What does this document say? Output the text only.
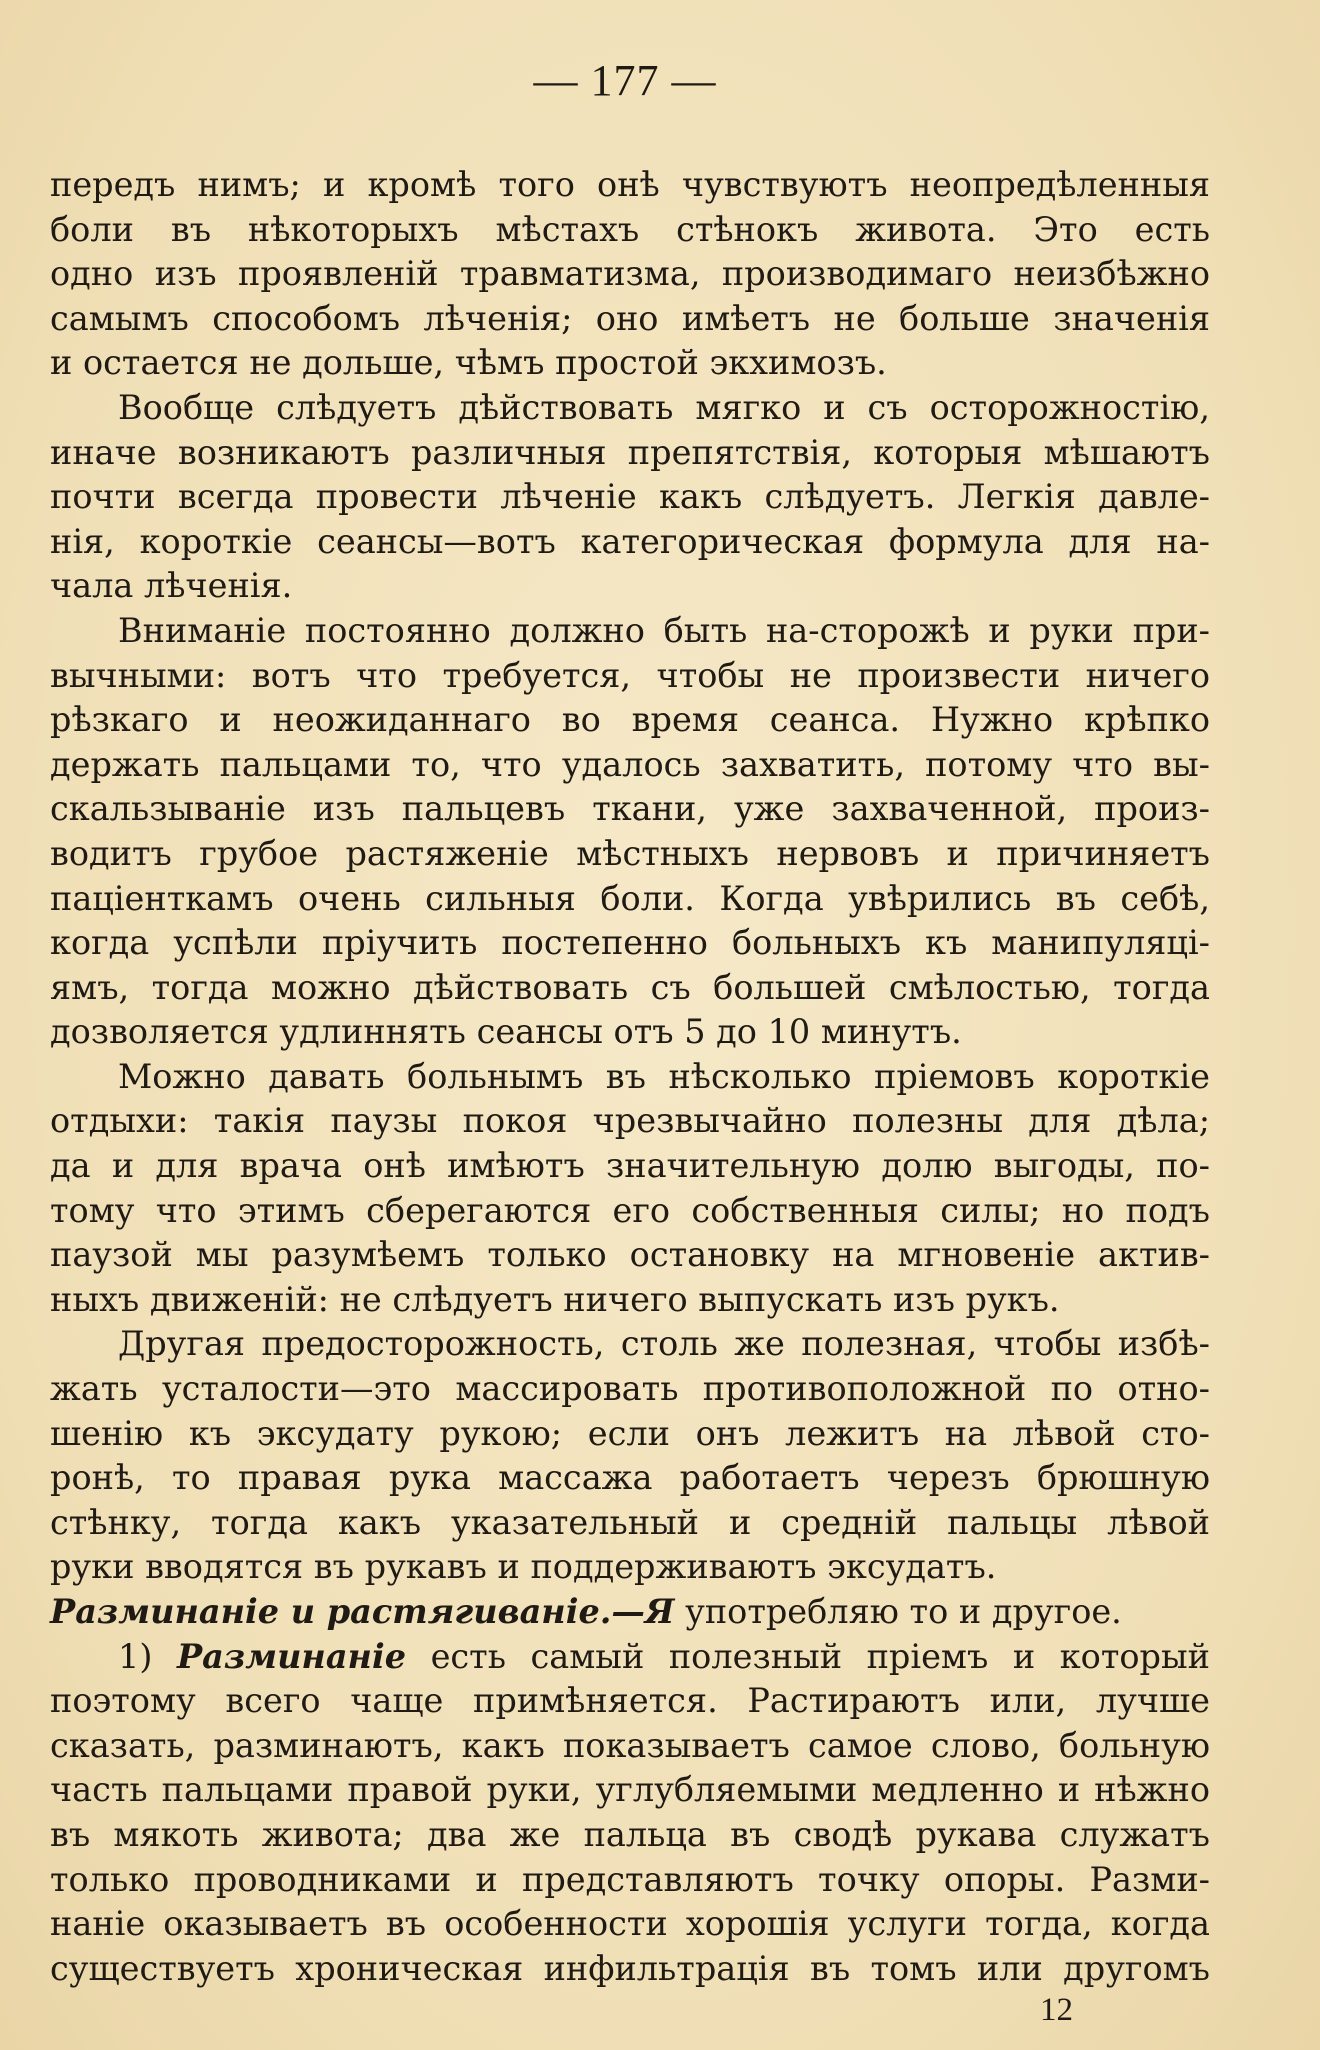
— 177 —
передъ нимъ; и кромѣ того онѣ чувствуютъ неопредѣленныя
боли въ нѣкоторыхъ мѣстахъ стѣнокъ живота. Это есть
одно изъ проявленій травматизма, производимаго неизбѣжно
самымъ способомъ лѣченія; оно имѣетъ не больше значенія
и остается не дольше, чѣмъ простой экхимозъ.
Вообще слѣдуетъ дѣйствовать мягко и съ осторожностію,
иначе возникаютъ различныя препятствія, которыя мѣшаютъ
почти всегда провести лѣченіе какъ слѣдуетъ. Легкія давле-
нія, короткіе сеансы—вотъ категорическая формула для на-
чала лѣченія.
Вниманіе постоянно должно быть на-сторожѣ и руки при-
вычными: вотъ что требуется, чтобы не произвести ничего
рѣзкаго и неожиданнаго во время сеанса. Нужно крѣпко
держать пальцами то, что удалось захватить, потому что вы-
скальзываніе изъ пальцевъ ткани, уже захваченной, произ-
водитъ грубое растяженіе мѣстныхъ нервовъ и причиняетъ
паціенткамъ очень сильныя боли. Когда увѣрились въ себѣ,
когда успѣли пріучить постепенно больныхъ къ манипуляці-
ямъ, тогда можно дѣйствовать съ большей смѣлостью, тогда
дозволяется удлиннять сеансы отъ 5 до 10 минутъ.
Можно давать больнымъ въ нѣсколько пріемовъ короткіе
отдыхи: такія паузы покоя чрезвычайно полезны для дѣла;
да и для врача онѣ имѣютъ значительную долю выгоды, по-
тому что этимъ сберегаются его собственныя силы; но подъ
паузой мы разумѣемъ только остановку на мгновеніе актив-
ныхъ движеній: не слѣдуетъ ничего выпускать изъ рукъ.
Другая предосторожность, столь же полезная, чтобы избѣ-
жать усталости—это массировать противоположной по отно-
шенію къ эксудату рукою; если онъ лежитъ на лѣвой сто-
ронѣ, то правая рука массажа работаетъ черезъ брюшную
стѣнку, тогда какъ указательный и средній пальцы лѣвой
руки вводятся въ рукавъ и поддерживаютъ эксудатъ.
Разминаніе и растягиваніе.—Я употребляю то и другое.
1) Разминаніе есть самый полезный пріемъ и который
поэтому всего чаще примѣняется. Растираютъ или, лучше
сказать, разминаютъ, какъ показываетъ самое слово, больную
часть пальцами правой руки, углубляемыми медленно и нѣжно
въ мякоть живота; два же пальца въ сводѣ рукава служатъ
только проводниками и представляютъ точку опоры. Разми-
наніе оказываетъ въ особенности хорошія услуги тогда, когда
существуетъ хроническая инфильтрація въ томъ или другомъ
12
